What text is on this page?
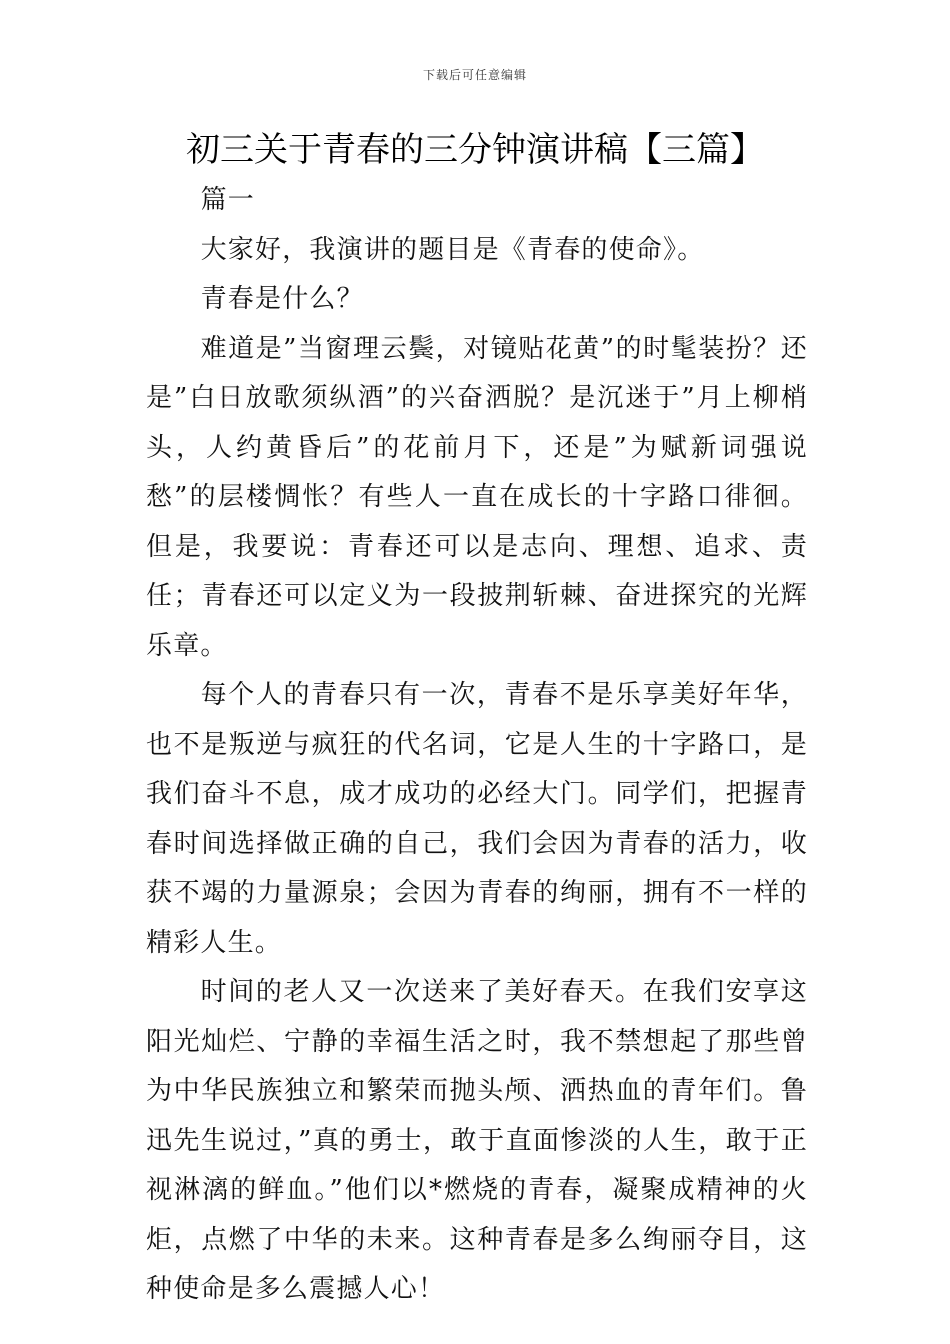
下载后可任意编辑
初三关于青春的三分钟演讲稿【三篇】

篇一

大家好，我演讲的题目是《青春的使命》。

青春是什么？

难道是”当窗理云鬓，对镜贴花黄”的时髦装扮？还是”白日放歌须纵酒”的兴奋洒脱？是沉迷于”月上柳梢头，人约黄昏后”的花前月下，还是”为赋新词强说愁”的层楼惆怅？有些人一直在成长的十字路口徘徊。但是，我要说：青春还可以是志向、理想、追求、责任；青春还可以定义为一段披荆斩棘、奋进探究的光辉乐章。

每个人的青春只有一次，青春不是乐享美好年华，也不是叛逆与疯狂的代名词，它是人生的十字路口，是我们奋斗不息，成才成功的必经大门。同学们，把握青春时间选择做正确的自己，我们会因为青春的活力，收获不竭的力量源泉；会因为青春的绚丽，拥有不一样的精彩人生。

时间的老人又一次送来了美好春天。在我们安享这阳光灿烂、宁静的幸福生活之时，我不禁想起了那些曾为中华民族独立和繁荣而抛头颅、洒热血的青年们。鲁迅先生说过，”真的勇士，敢于直面惨淡的人生，敢于正视淋漓的鲜血。”他们以*燃烧的青春，凝聚成精神的火炬，点燃了中华的未来。这种青春是多么绚丽夺目，这种使命是多么震撼人心！
